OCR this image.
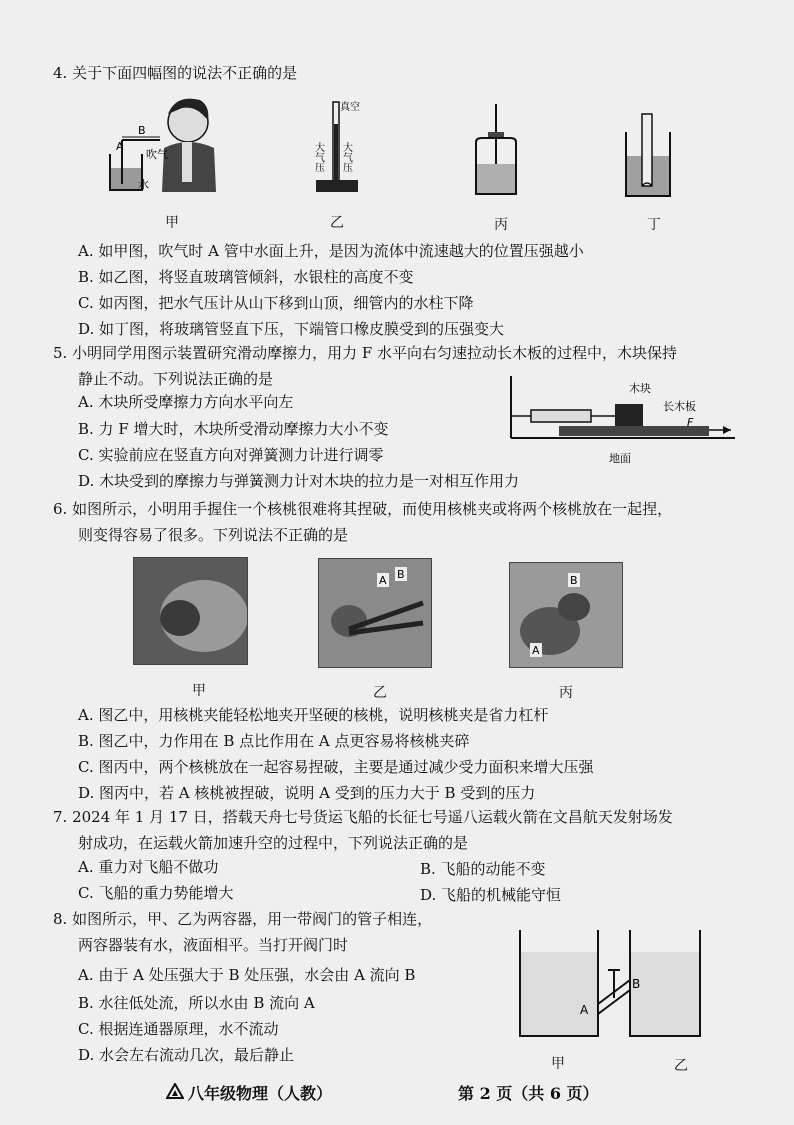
4. 关于下面四幅图的说法不正确的是
B
A
吹气
水
甲
真空
大气压 大气压
乙	丙	丁
A. 如甲图，吹气时 A 管中水面上升，是因为流体中流速越大的位置压强越小
B. 如乙图，将竖直玻璃管倾斜，水银柱的高度不变
C. 如丙图，把水气压计从山下移到山顶，细管内的水柱下降
D. 如丁图，将玻璃管竖直下压，下端管口橡皮膜受到的压强变大
5. 小明同学用图示装置研究滑动摩擦力，用力 F 水平向右匀速拉动长木板的过程中，木块保持
静止不动。下列说法正确的是
木块
长木板
F
地面
A. 木块所受摩擦力方向水平向左
B. 力 F 增大时，木块所受滑动摩擦力大小不变
C. 实验前应在竖直方向对弹簧测力计进行调零
D. 木块受到的摩擦力与弹簧测力计对木块的拉力是一对相互作用力
6. 如图所示，小明用手握住一个核桃很难将其捏破，而使用核桃夹或将两个核桃放在一起捏，
则变得容易了很多。下列说法不正确的是
甲
A B
乙
B
A
丙
A. 图乙中，用核桃夹能轻松地夹开坚硬的核桃，说明核桃夹是省力杠杆
B. 图乙中，力作用在 B 点比作用在 A 点更容易将核桃夹碎
C. 图丙中，两个核桃放在一起容易捏破，主要是通过减少受力面积来增大压强
D. 图丙中，若 A 核桃被捏破，说明 A 受到的压力大于 B 受到的压力
7. 2024 年 1 月 17 日，搭载天舟七号货运飞船的长征七号遥八运载火箭在文昌航天发射场发
射成功，在运载火箭加速升空的过程中，下列说法正确的是
A. 重力对飞船不做功	B. 飞船的动能不变
C. 飞船的重力势能增大	D. 飞船的机械能守恒
8. 如图所示，甲、乙为两容器，用一带阀门的管子相连，
两容器装有水，液面相平。当打开阀门时
A. 由于 A 处压强大于 B 处压强，水会由 A 流向 B
B. 水往低处流，所以水由 B 流向 A
C. 根据连通器原理，水不流动
D. 水会左右流动几次，最后静止
A
B
甲	乙
八年级物理（人教）	第 2 页（共 6 页）
